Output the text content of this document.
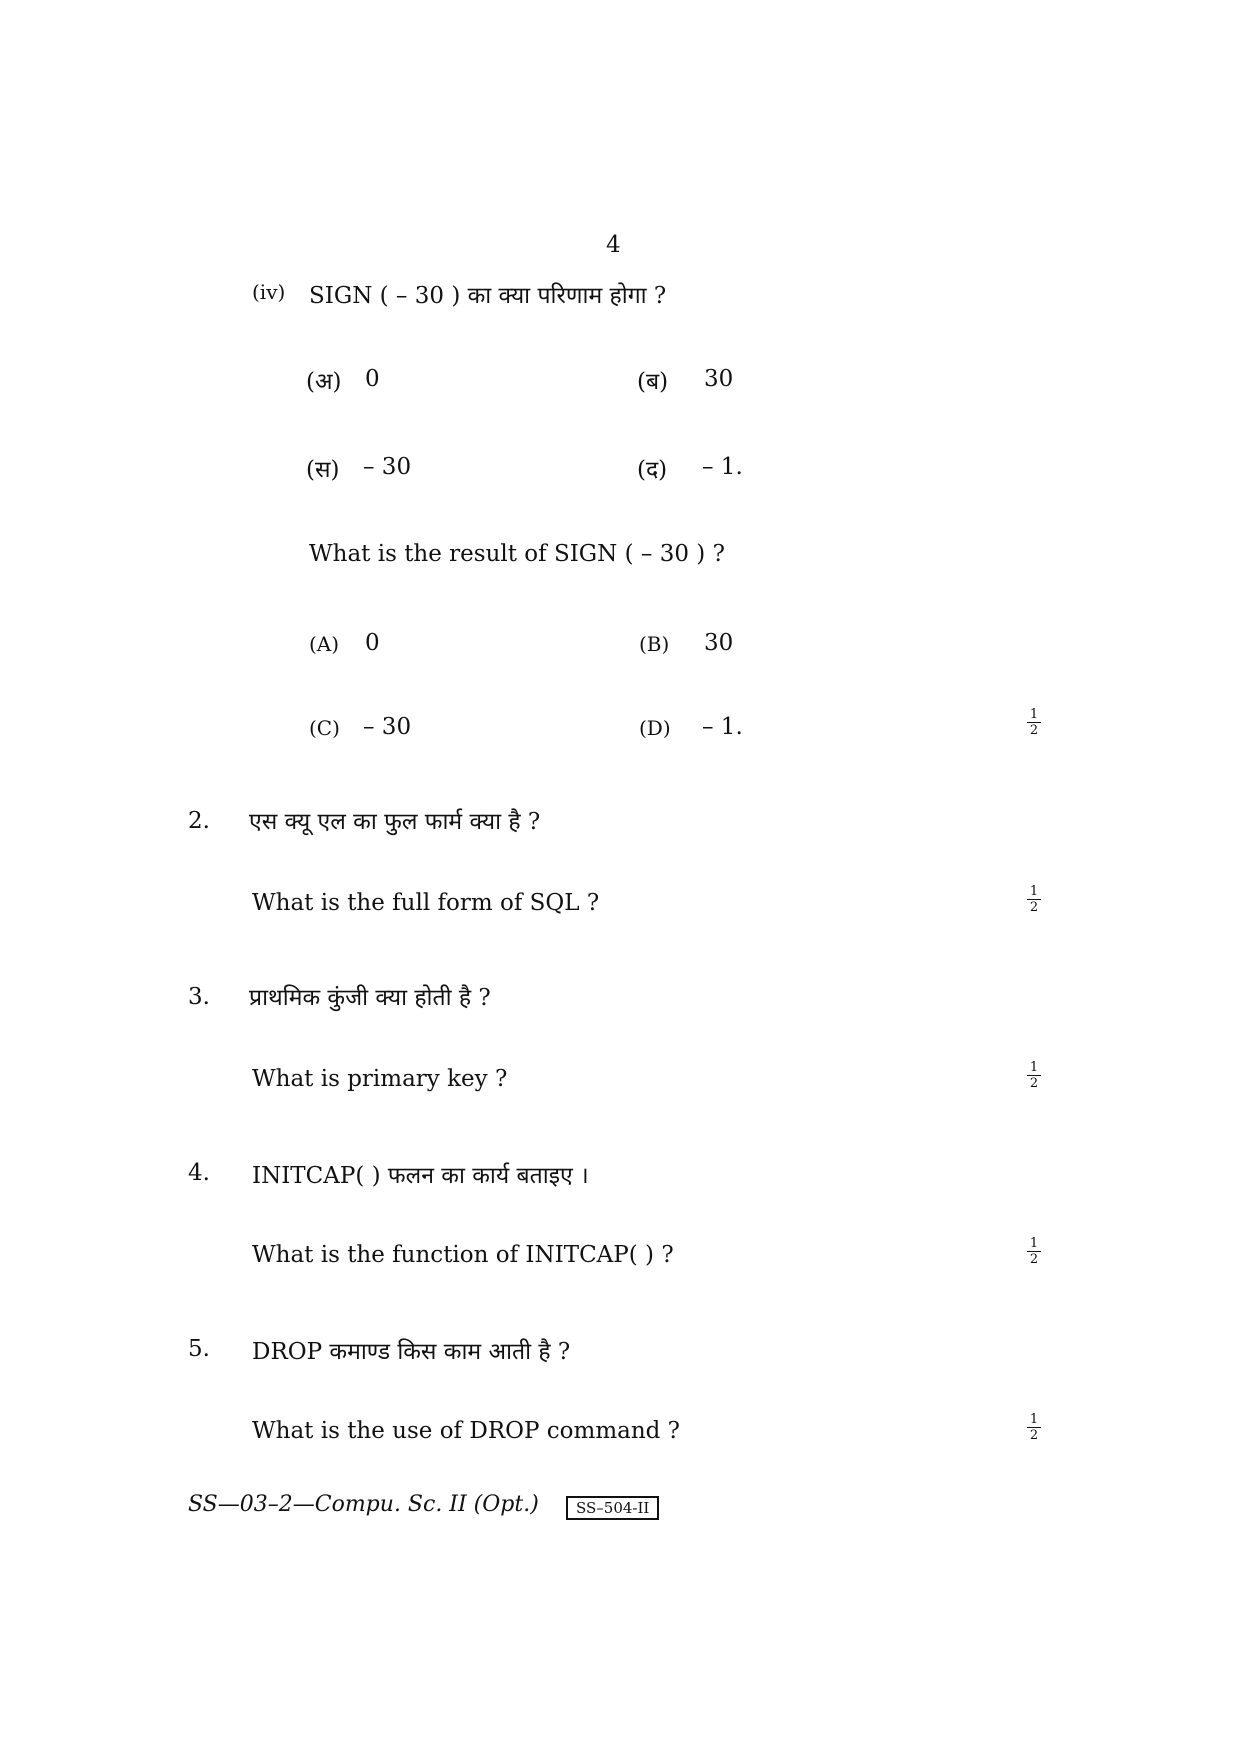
4
(iv) SIGN ( – 30 ) का क्या परिणाम होगा ?
(अ) 0	(ब) 30
(स) – 30	(द) – 1.
What is the result of SIGN ( – 30 ) ?
(A) 0	(B) 30
(C) – 30	(D) – 1.	$\frac{1}{2}$
2. एस क्यू एल का फुल फार्म क्या है ?
What is the full form of SQL ?	$\frac{1}{2}$
3. प्राथमिक कुंजी क्या होती है ?
What is primary key ?	$\frac{1}{2}$
4. INITCAP( ) फलन का कार्य बताइए ।
What is the function of INITCAP( ) ?	$\frac{1}{2}$
5. DROP कमाण्ड किस काम आती है ?
What is the use of DROP command ?	$\frac{1}{2}$
SS—03–2—Compu. Sc. II (Opt.)	SS–504-II
